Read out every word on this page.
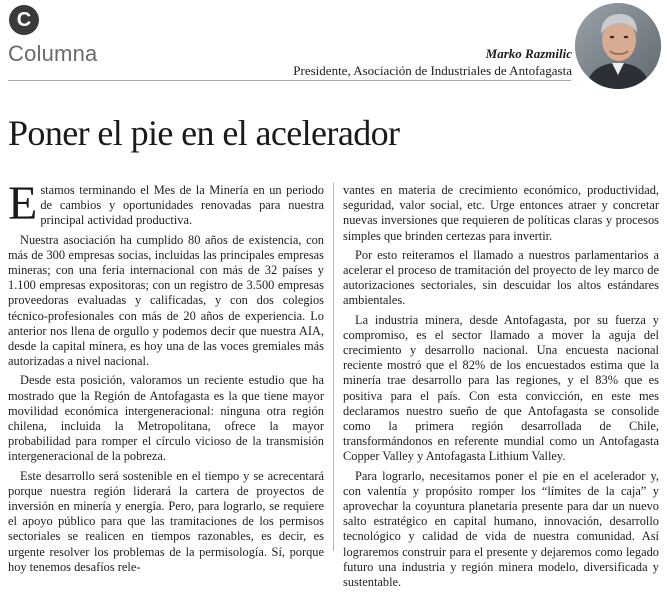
C
Columna	Marko Razmilic
Presidente, Asociación de Industriales de Antofagasta
Poner el pie en el acelerador

Estamos terminando el Mes de la Minería en un periodo de cambios y oportunidades renovadas para nuestra principal actividad productiva.

Nuestra asociación ha cumplido 80 años de existencia, con más de 300 empresas socias, incluidas las principales empresas mineras; con una feria internacional con más de 32 países y 1.100 empresas expositoras; con un registro de 3.500 empresas proveedoras evaluadas y calificadas, y con dos colegios técnico-profesionales con más de 20 años de experiencia. Lo anterior nos llena de orgullo y podemos decir que nuestra AIA, desde la capital minera, es hoy una de las voces gremiales más autorizadas a nivel nacional.

Desde esta posición, valoramos un reciente estudio que ha mostrado que la Región de Antofagasta es la que tiene mayor movilidad económica intergeneracional: ninguna otra región chilena, incluida la Metropolitana, ofrece la mayor probabilidad para romper el círculo vicioso de la transmisión intergeneracional de la pobreza.

Este desarrollo será sostenible en el tiempo y se acrecentará porque nuestra región liderará la cartera de proyectos de inversión en minería y energía. Pero, para lograrlo, se requiere el apoyo público para que las tramitaciones de los permisos sectoriales se realicen en tiempos razonables, es decir, es urgente resolver los problemas de la permisología. Sí, porque hoy tenemos desafíos rele-

vantes en materia de crecimiento económico, productividad, seguridad, valor social, etc. Urge entonces atraer y concretar nuevas inversiones que requieren de políticas claras y procesos simples que brinden certezas para invertir.

Por esto reiteramos el llamado a nuestros parlamentarios a acelerar el proceso de tramitación del proyecto de ley marco de autorizaciones sectoriales, sin descuidar los altos estándares ambientales.

La industria minera, desde Antofagasta, por su fuerza y compromiso, es el sector llamado a mover la aguja del crecimiento y desarrollo nacional. Una encuesta nacional reciente mostró que el 82% de los encuestados estima que la minería trae desarrollo para las regiones, y el 83% que es positiva para el país. Con esta convicción, en este mes declaramos nuestro sueño de que Antofagasta se consolide como la primera región desarrollada de Chile, transformándonos en referente mundial como un Antofagasta Copper Valley y Antofagasta Lithium Valley.

Para lograrlo, necesitamos poner el pie en el acelerador y, con valentía y propósito romper los “límites de la caja” y aprovechar la coyuntura planetaria presente para dar un nuevo salto estratégico en capital humano, innovación, desarrollo tecnológico y calidad de vida de nuestra comunidad. Así lograremos construir para el presente y dejaremos como legado futuro una industria y región minera modelo, diversificada y sustentable.
